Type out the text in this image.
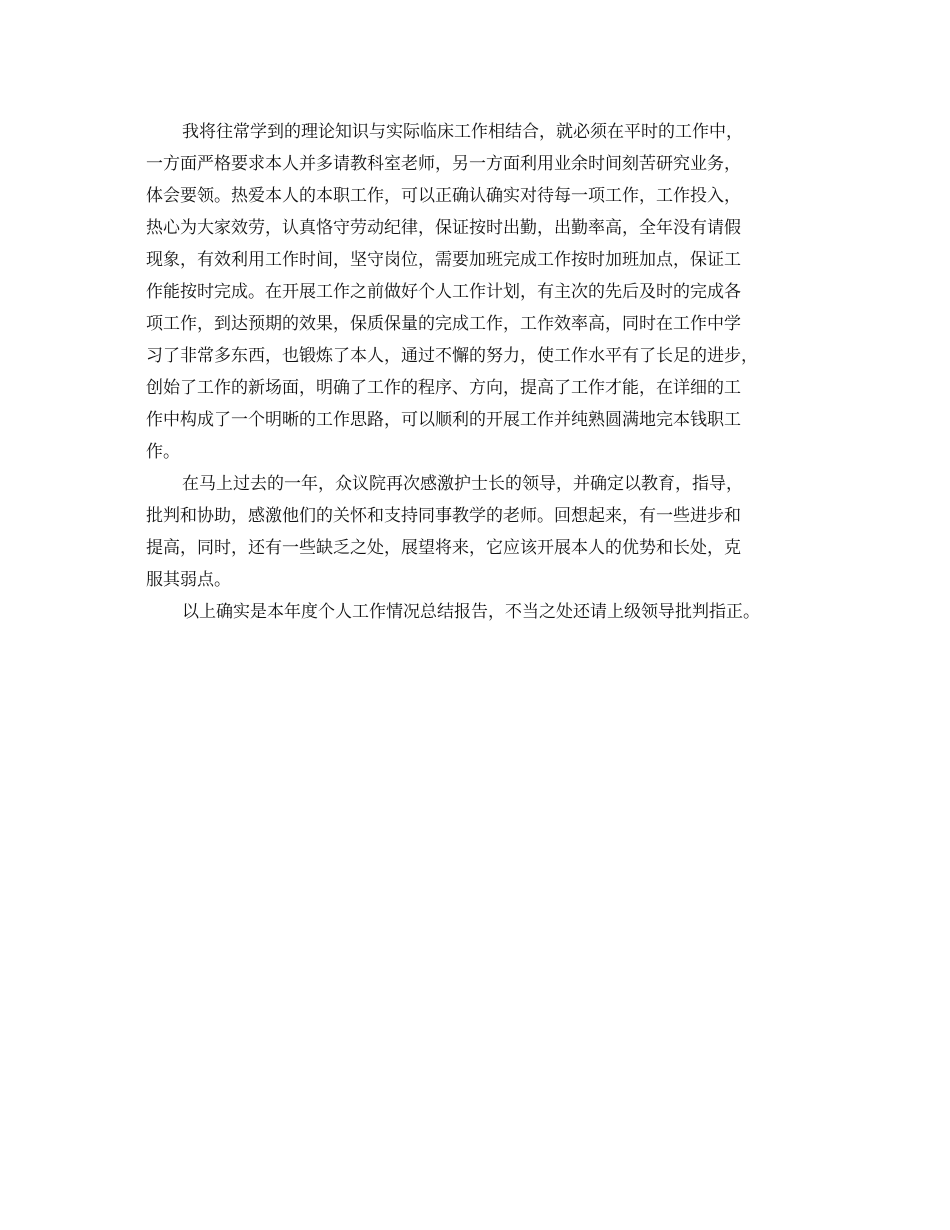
我将往常学到的理论知识与实际临床工作相结合，就必须在平时的工作中，
一方面严格要求本人并多请教科室老师，另一方面利用业余时间刻苦研究业务，
体会要领。热爱本人的本职工作，可以正确认确实对待每一项工作，工作投入，
热心为大家效劳，认真恪守劳动纪律，保证按时出勤，出勤率高，全年没有请假
现象，有效利用工作时间，坚守岗位，需要加班完成工作按时加班加点，保证工
作能按时完成。在开展工作之前做好个人工作计划，有主次的先后及时的完成各
项工作，到达预期的效果，保质保量的完成工作，工作效率高，同时在工作中学
习了非常多东西，也锻炼了本人，通过不懈的努力，使工作水平有了长足的进步，
创始了工作的新场面，明确了工作的程序、方向，提高了工作才能，在详细的工
作中构成了一个明晰的工作思路，可以顺利的开展工作并纯熟圆满地完本钱职工
作。
在马上过去的一年，众议院再次感激护士长的领导，并确定以教育，指导，
批判和协助，感激他们的关怀和支持同事教学的老师。回想起来，有一些进步和
提高，同时，还有一些缺乏之处，展望将来，它应该开展本人的优势和长处，克
服其弱点。
以上确实是本年度个人工作情况总结报告，不当之处还请上级领导批判指正。
